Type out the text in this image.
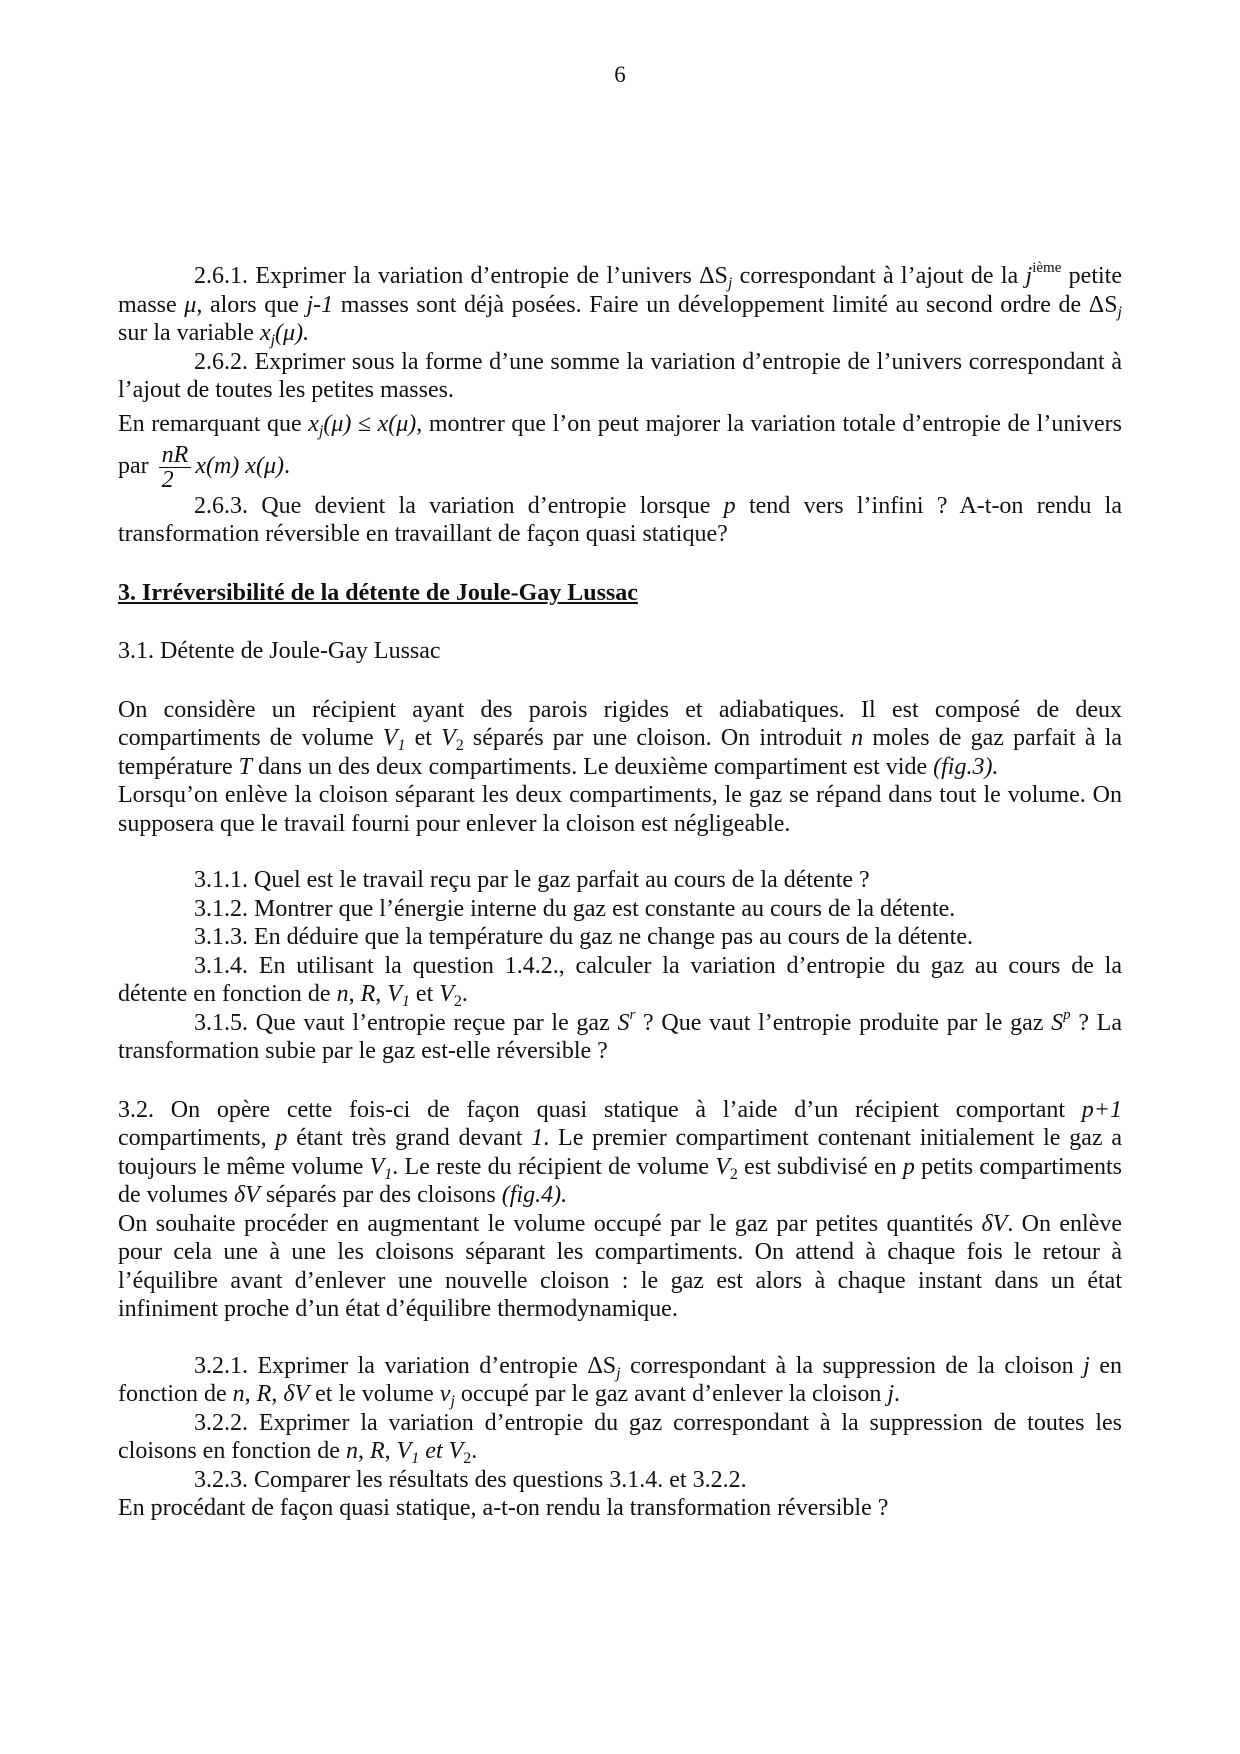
6

2.6.1. Exprimer la variation d’entropie de l’univers $\Delta S_j$ correspondant à l’ajout de la $j^{ième}$ petite masse μ, alors que j-1 masses sont déjà posées. Faire un développement limité au second ordre de $\Delta S_j$ sur la variable $x_j(\mu)$.

2.6.2. Exprimer sous la forme d’une somme la variation d’entropie de l’univers correspondant à l’ajout de toutes les petites masses.

En remarquant que $x_j(\mu) \le x(\mu)$, montrer que l’on peut majorer la variation totale d’entropie de l’univers par $\frac{nR}{2} x(m)$ x(μ).

2.6.3. Que devient la variation d’entropie lorsque p tend vers l’infini ? A-t-on rendu la transformation réversible en travaillant de façon quasi statique?

3. Irréversibilité de la détente de Joule-Gay Lussac

3.1. Détente de Joule-Gay Lussac

On considère un récipient ayant des parois rigides et adiabatiques. Il est composé de deux compartiments de volume $V_1$ et $V_2$ séparés par une cloison. On introduit n moles de gaz parfait à la température T dans un des deux compartiments. Le deuxième compartiment est vide (fig.3).

Lorsqu’on enlève la cloison séparant les deux compartiments, le gaz se répand dans tout le volume. On supposera que le travail fourni pour enlever la cloison est négligeable.

3.1.1. Quel est le travail reçu par le gaz parfait au cours de la détente ?

3.1.2. Montrer que l’énergie interne du gaz est constante au cours de la détente.

3.1.3. En déduire que la température du gaz ne change pas au cours de la détente.

3.1.4. En utilisant la question 1.4.2., calculer la variation d’entropie du gaz au cours de la détente en fonction de n, R, $V_1$ et $V_2$.

3.1.5. Que vaut l’entropie reçue par le gaz $S^r$ ? Que vaut l’entropie produite par le gaz $S^p$ ? La transformation subie par le gaz est-elle réversible ?

3.2. On opère cette fois-ci de façon quasi statique à l’aide d’un récipient comportant p+1 compartiments, p étant très grand devant 1. Le premier compartiment contenant initialement le gaz a toujours le même volume $V_1$. Le reste du récipient de volume $V_2$ est subdivisé en p petits compartiments de volumes δV séparés par des cloisons (fig.4).

On souhaite procéder en augmentant le volume occupé par le gaz par petites quantités δV. On enlève pour cela une à une les cloisons séparant les compartiments. On attend à chaque fois le retour à l’équilibre avant d’enlever une nouvelle cloison : le gaz est alors à chaque instant dans un état infiniment proche d’un état d’équilibre thermodynamique.

3.2.1. Exprimer la variation d’entropie $\Delta S_j$ correspondant à la suppression de la cloison j en fonction de n, R, δV et le volume $v_j$ occupé par le gaz avant d’enlever la cloison j.

3.2.2. Exprimer la variation d’entropie du gaz correspondant à la suppression de toutes les cloisons en fonction de n, R, $V_1$ et $V_2$.

3.2.3. Comparer les résultats des questions 3.1.4. et 3.2.2.

En procédant de façon quasi statique, a-t-on rendu la transformation réversible ?
